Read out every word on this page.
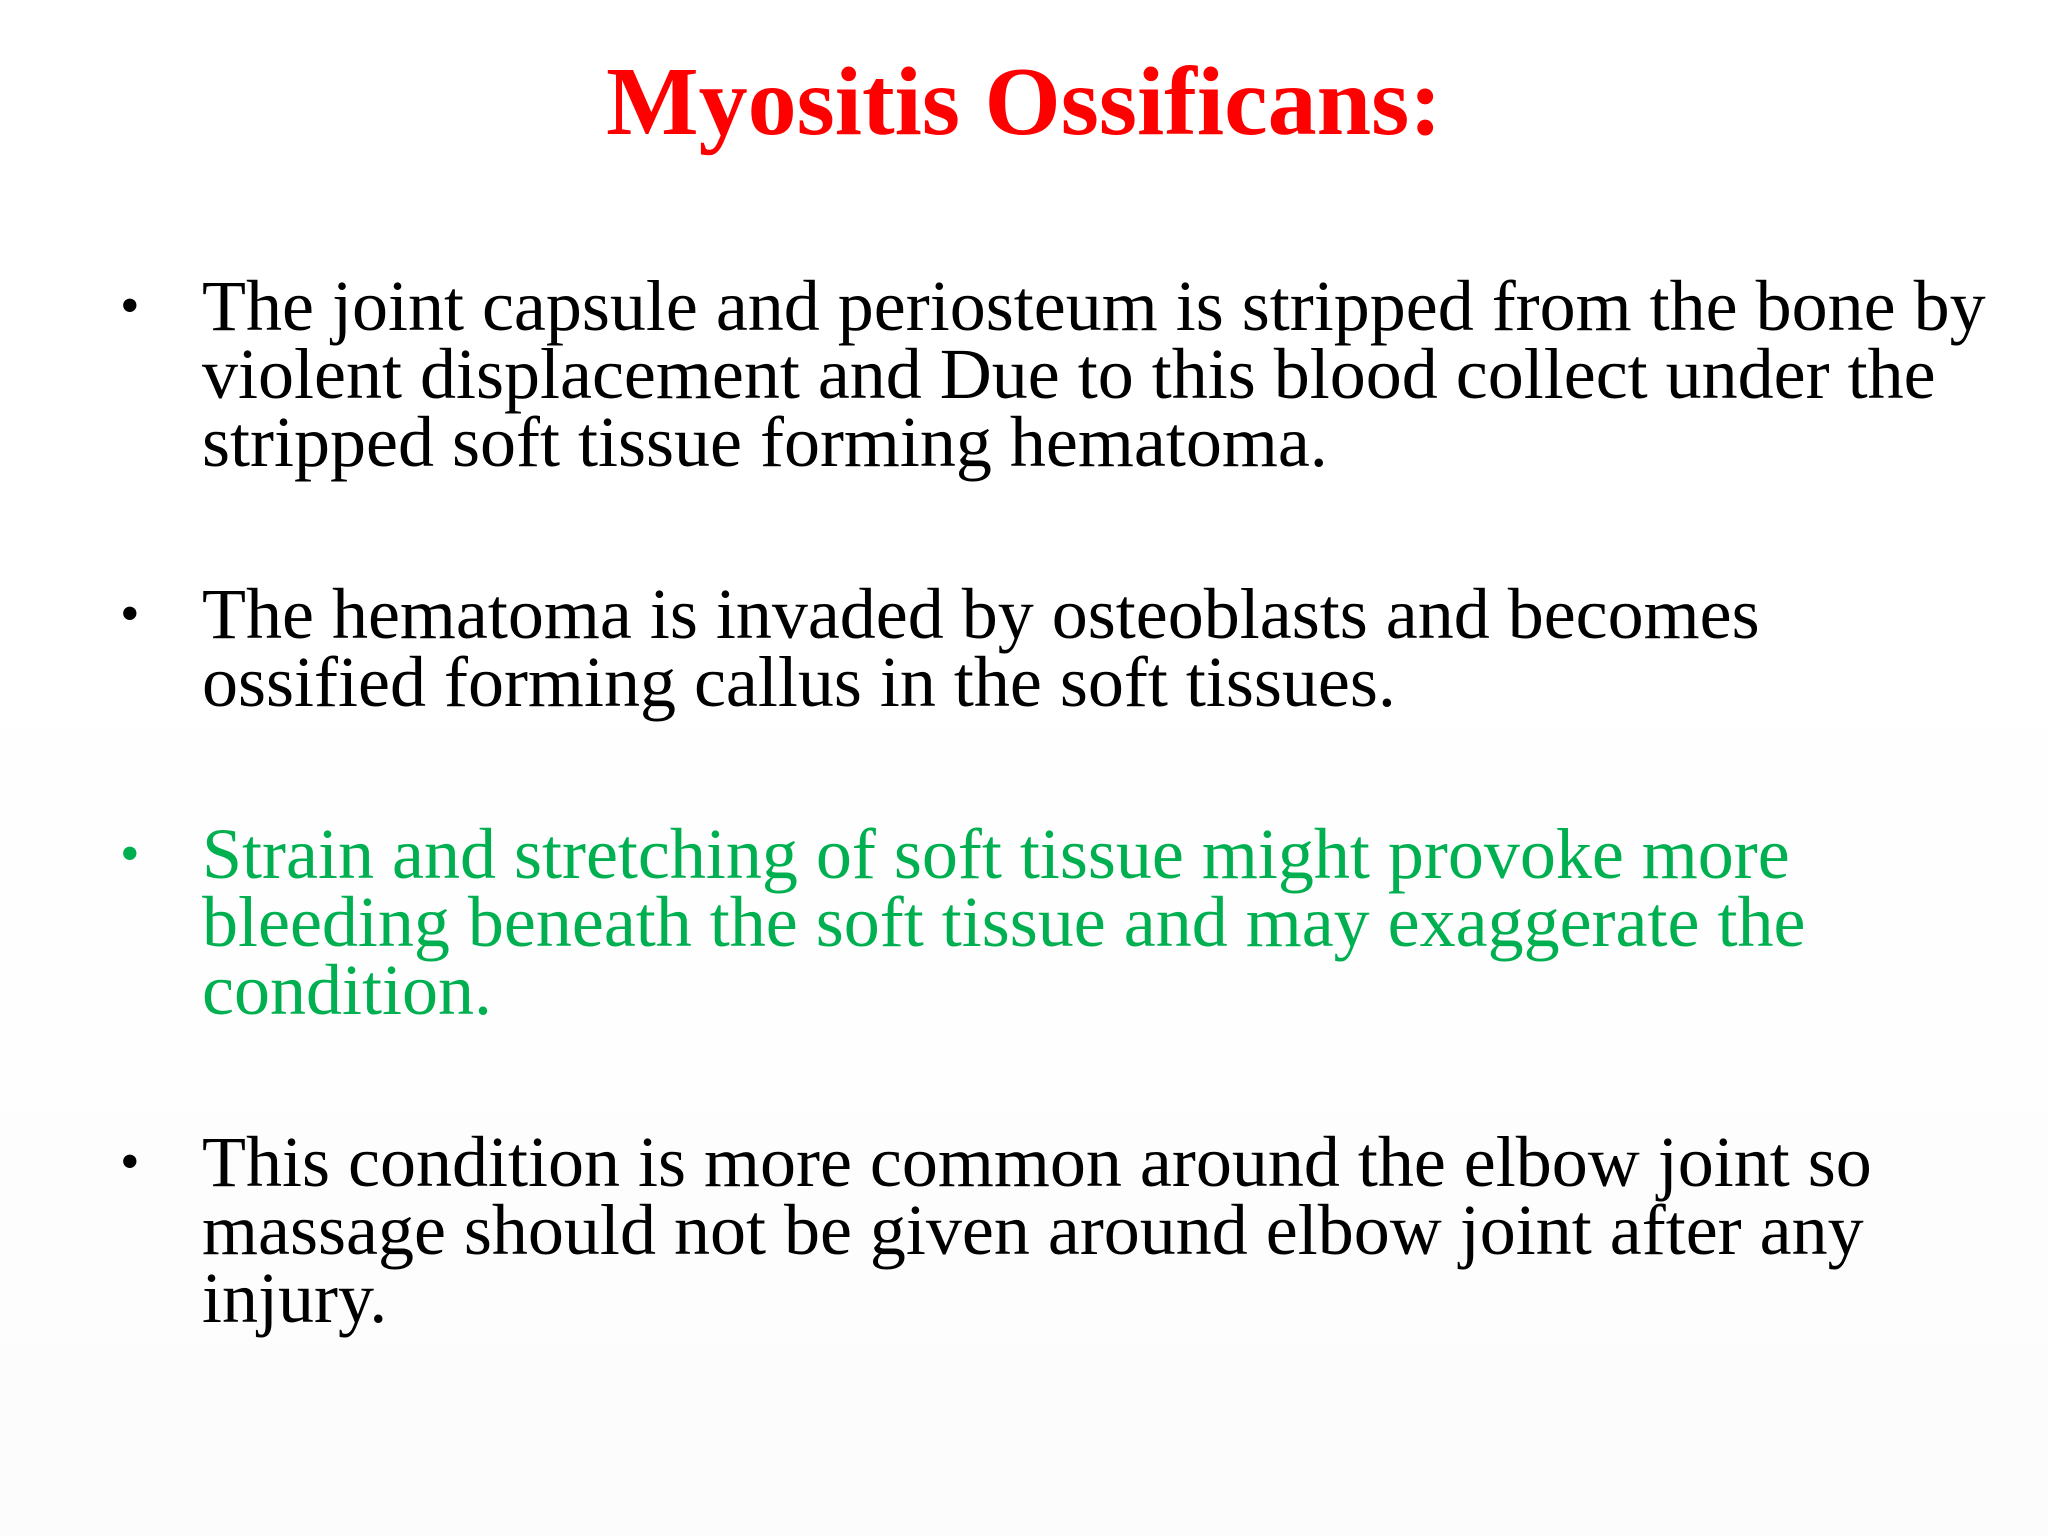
Myositis Ossificans:
• The joint capsule and periosteum is stripped from the bone by violent displacement and Due to this blood collect under the stripped soft tissue forming hematoma.
• The hematoma is invaded by osteoblasts and becomes ossified forming callus in the soft tissues.
• Strain and stretching of soft tissue might provoke more bleeding beneath the soft tissue and may exaggerate the condition.
• This condition is more common around the elbow joint so massage should not be given around elbow joint after any injury.
